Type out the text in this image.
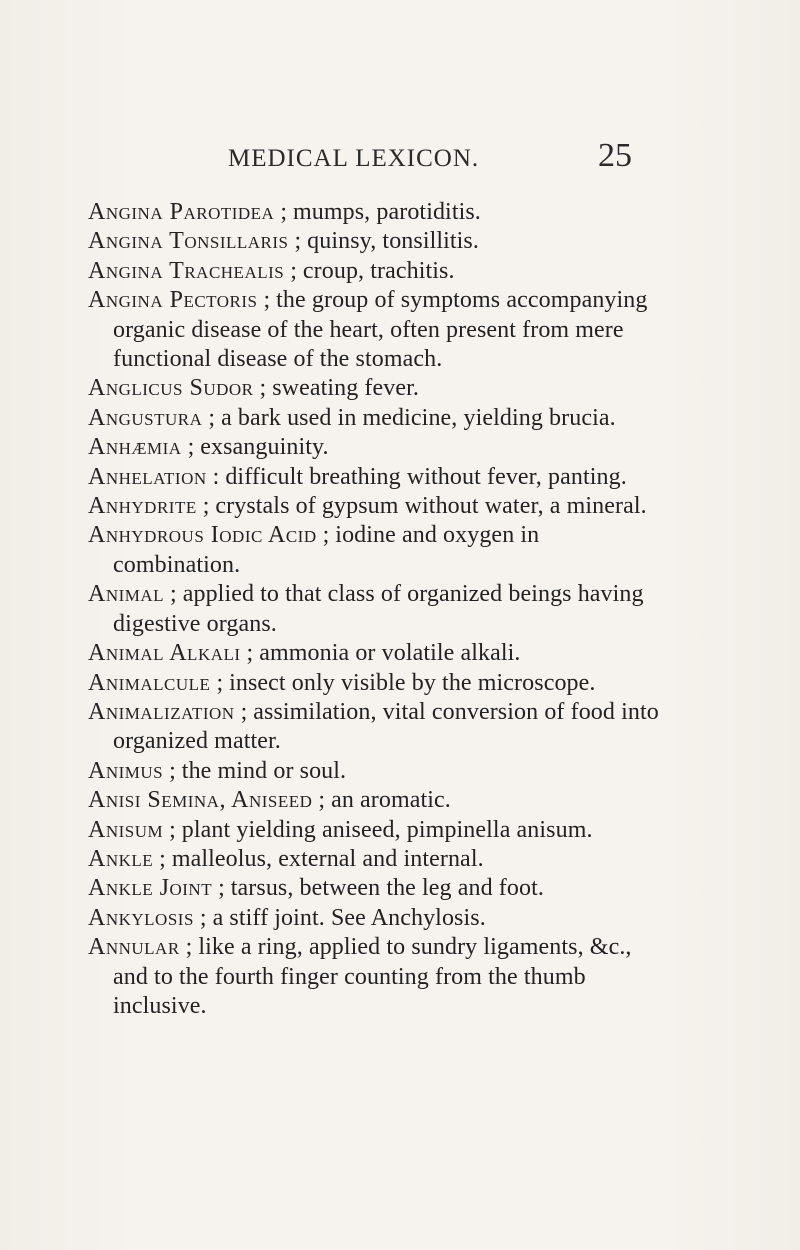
MEDICAL LEXICON.	25

Angina Parotidea ; mumps, parotiditis.

Angina Tonsillaris ; quinsy, tonsillitis.

Angina Trachealis ; croup, trachitis.

Angina Pectoris ; the group of symptoms accompanying organic disease of the heart, often present from mere functional disease of the stomach.

Anglicus Sudor ; sweating fever.

Angustura ; a bark used in medicine, yielding brucia.

Anhæmia ; exsanguinity.

Anhelation : difficult breathing without fever, panting.

Anhydrite ; crystals of gypsum without water, a mineral.

Anhydrous Iodic Acid ; iodine and oxygen in combination.

Animal ; applied to that class of organized beings having digestive organs.

Animal Alkali ; ammonia or volatile alkali.

Animalcule ; insect only visible by the microscope.

Animalization ; assimilation, vital conversion of food into organized matter.

Animus ; the mind or soul.

Anisi Semina, Aniseed ; an aromatic.

Anisum ; plant yielding aniseed, pimpinella anisum.

Ankle ; malleolus, external and internal.

Ankle Joint ; tarsus, between the leg and foot.

Ankylosis ; a stiff joint. See Anchylosis.

Annular ; like a ring, applied to sundry ligaments, &c., and to the fourth finger counting from the thumb inclusive.
